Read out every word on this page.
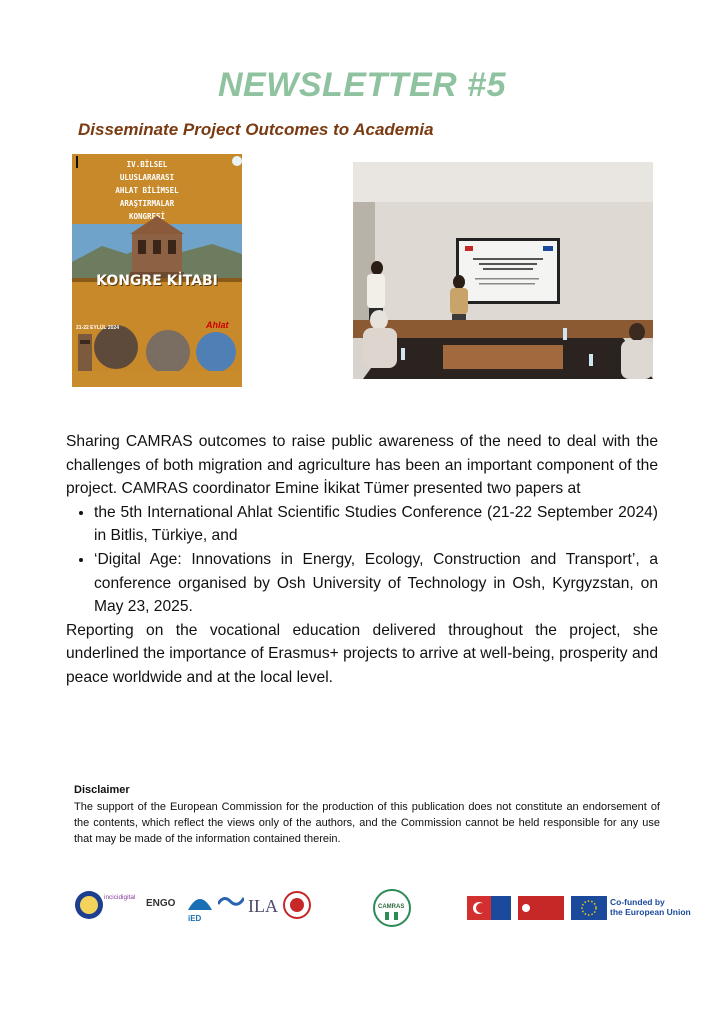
NEWSLETTER #5
Disseminate Project Outcomes to Academia
IV.BİLSEL
ULUSLARARASI
AHLAT BİLİMSEL
ARAŞTIRMALAR
KONGRESİ
KONGRE KİTABI
21-22 EYLÜL 2024	Ahlat

Sharing CAMRAS outcomes to raise public awareness of the need to deal with the challenges of both migration and agriculture has been an important component of the project. CAMRAS coordinator Emine İkikat Tümer presented two papers at

• the 5th International Ahlat Scientific Studies Conference (21-22 September 2024) in Bitlis, Türkiye, and
• ‘Digital Age: Innovations in Energy, Ecology, Construction and Transport’, a conference organised by Osh University of Technology in Osh, Kyrgyzstan, on May 23, 2025.

Reporting on the vocational education delivered throughout the project, she underlined the importance of Erasmus+ projects to arrive at well-being, prosperity and peace worldwide and at the local level.

Disclaimer
The support of the European Commission for the production of this publication does not constitute an endorsement of the contents, which reflect the views only of the authors, and the Commission cannot be held responsible for any use that may be made of the information contained therein.
incicidigital
ENGO
iED
ILA	CAMRAS	Co-funded by
the European Union
